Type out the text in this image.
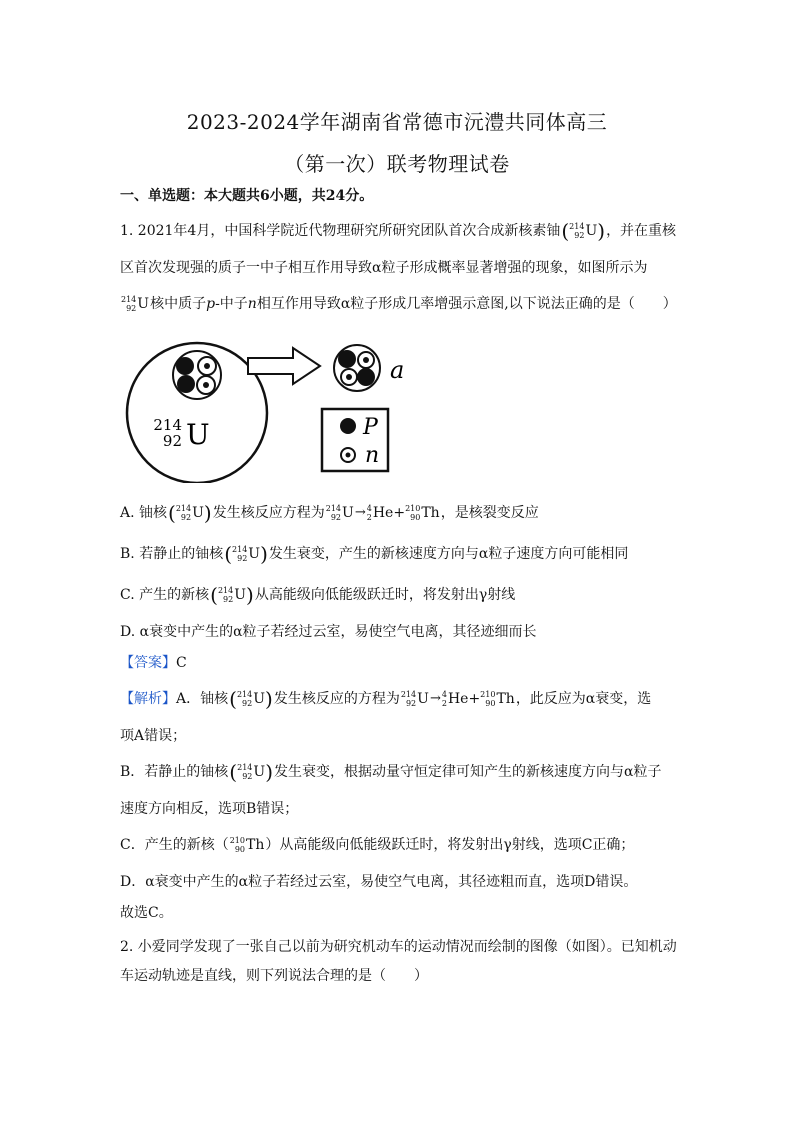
2023-2024学年湖南省常德市沅澧共同体高三
（第一次）联考物理试卷
一、单选题：本大题共6小题，共24分。
1. 2021年4月，中国科学院近代物理研究所研究团队首次合成新核素铀 ( 214
92 U ) ，并在重核
区首次发现强的质子一中子相互作用导致α粒子形成概率显著增强的现象，如图所示为
214
92 U 核中质子p-中子n相互作用导致α粒子形成几率增强示意图,以下说法正确的是（　　）
214
92 U
a
P
n
A. 铀核 ( 214
92 U ) 发生核反应方程为 214
92 U → 4
2 He + 210
90 Th ，是核裂变反应
B. 若静止的铀核 ( 214
92 U ) 发生衰变，产生的新核速度方向与α粒子速度方向可能相同
C. 产生的新核 ( 214
92 U ) 从高能级向低能级跃迁时，将发射出γ射线
D. α衰变中产生的α粒子若经过云室，易使空气电离，其径迹细而长
【答案】C
【解析】A．铀核 ( 214
92 U ) 发生核反应的方程为 214
92 U → 4
2 He + 210
90 Th ，此反应为α衰变，选
项A错误；
B．若静止的铀核 ( 214
92 U ) 发生衰变，根据动量守恒定律可知产生的新核速度方向与α粒子
速度方向相反，选项B错误；
C．产生的新核（ 210
90 Th ）从高能级向低能级跃迁时，将发射出γ射线，选项C正确；
D．α衰变中产生的α粒子若经过云室，易使空气电离，其径迹粗而直，选项D错误。
故选C。
2. 小爱同学发现了一张自己以前为研究机动车的运动情况而绘制的图像（如图）。已知机动
车运动轨迹是直线，则下列说法合理的是（　　）
